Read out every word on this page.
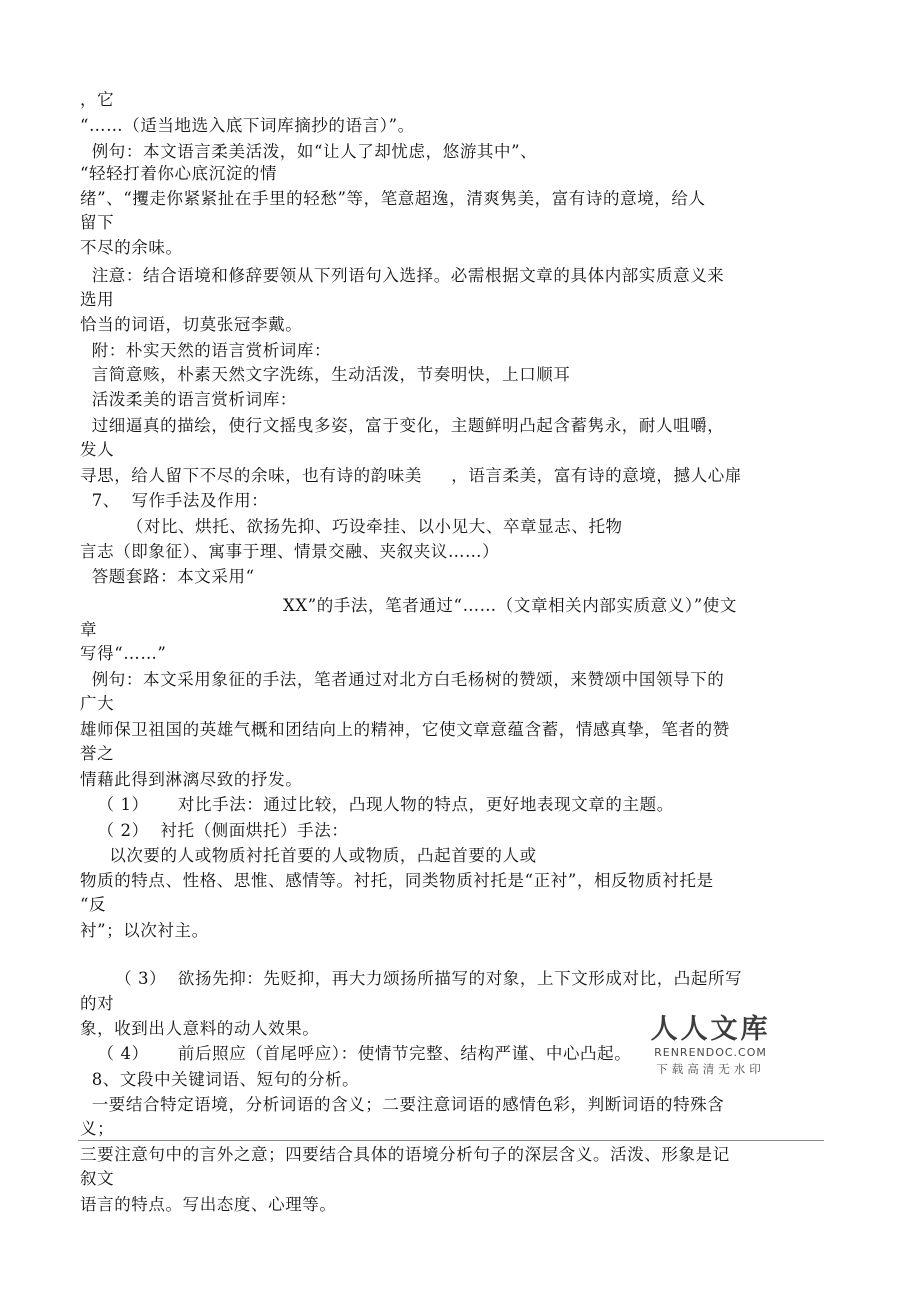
，它
“……（适当地选入底下词库摘抄的语言）”。
例句：本文语言柔美活泼，如“让人了却忧虑，悠游其中”、
“轻轻打着你心底沉淀的情
绪”、“攫走你紧紧扯在手里的轻愁”等，笔意超逸，清爽隽美，富有诗的意境，给人
留下
不尽的余味。
注意：结合语境和修辞要领从下列语句入选择。必需根据文章的具体内部实质意义来
选用
恰当的词语，切莫张冠李戴。
附：朴实天然的语言赏析词库：
言简意赅，朴素天然文字洗练，生动活泼，节奏明快，上口顺耳
活泼柔美的语言赏析词库：
过细逼真的描绘，使行文摇曳多姿，富于变化，主题鲜明凸起含蓄隽永，耐人咀嚼，
发人
寻思，给人留下不尽的余味，也有诗的韵味美     ，语言柔美，富有诗的意境，撼人心扉
7、  写作手法及作用：
（对比、烘托、欲扬先抑、巧设牵挂、以小见大、卒章显志、托物
言志（即象征）、寓事于理、情景交融、夹叙夹议……）
答题套路：本文采用“
XX”的手法，笔者通过“……（文章相关内部实质意义）”使文
章
写得“……”
例句：本文采用象征的手法，笔者通过对北方白毛杨树的赞颂，来赞颂中国领导下的
广大
雄师保卫祖国的英雄气概和团结向上的精神，它使文章意蕴含蓄，情感真挚，笔者的赞
誉之
情藉此得到淋漓尽致的抒发。
（ 1）     对比手法：通过比较，凸现人物的特点，更好地表现文章的主题。
（ 2）  衬托（侧面烘托）手法：
以次要的人或物质衬托首要的人或物质，凸起首要的人或
物质的特点、性格、思惟、感情等。衬托，同类物质衬托是“正衬”，相反物质衬托是
“反
衬”；以次衬主。
（ 3）  欲扬先抑：先贬抑，再大力颂扬所描写的对象，上下文形成对比，凸起所写
的对
象，收到出人意料的动人效果。
（ 4）     前后照应（首尾呼应）：使情节完整、结构严谨、中心凸起。
8、文段中关键词语、短句的分析。
一要结合特定语境，分析词语的含义；二要注意词语的感情色彩，判断词语的特殊含
义；
三要注意句中的言外之意；四要结合具体的语境分析句子的深层含义。活泼、形象是记
叙文
语言的特点。写出态度、心理等。
人人文库
RENRENDOC.COM
下载高清无水印
